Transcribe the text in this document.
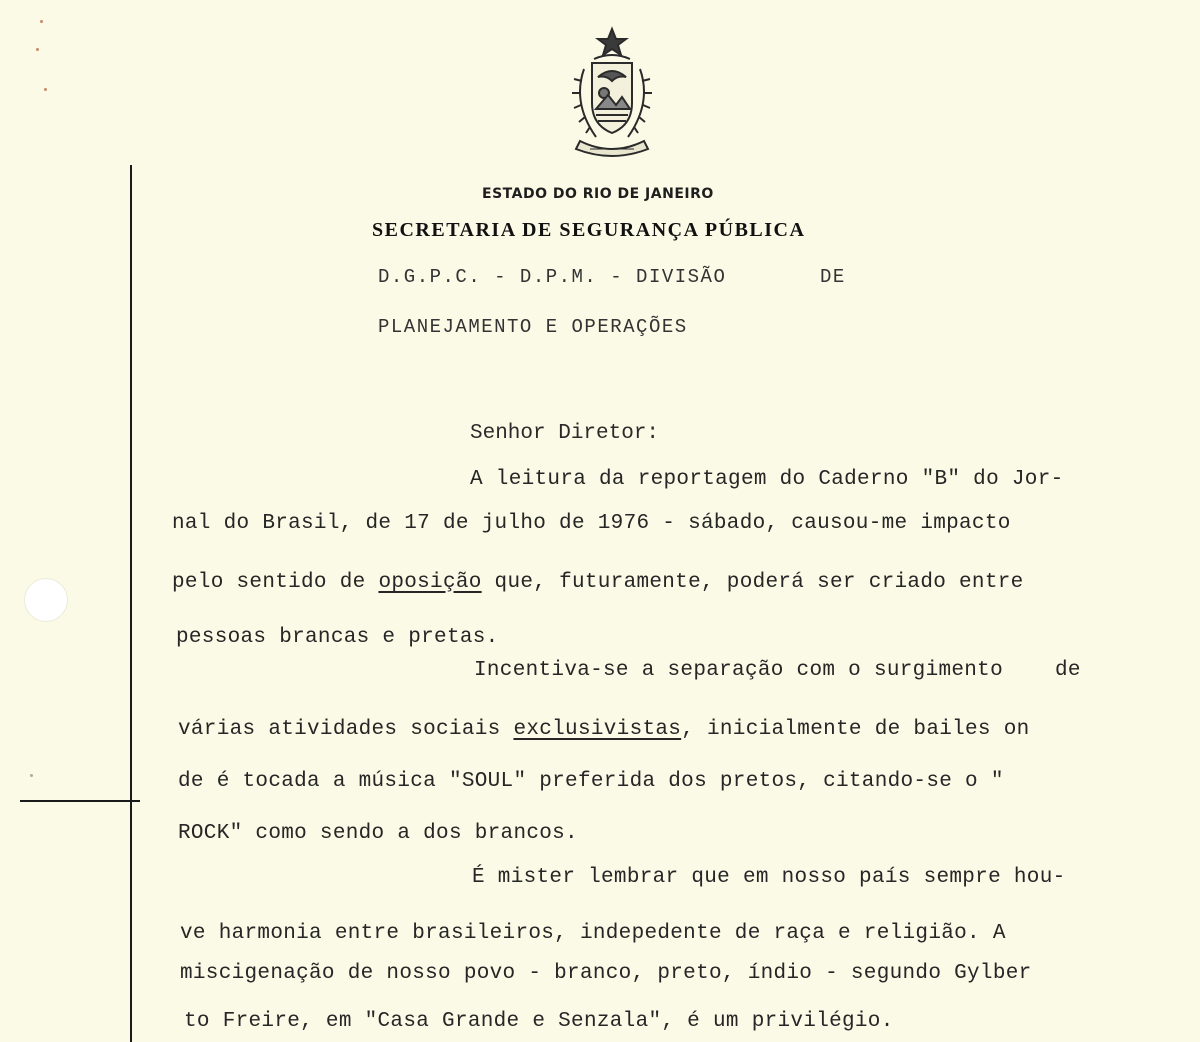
ESTADO DO RIO DE JANEIRO
SECRETARIA DE SEGURANÇA PÚBLICA
D.G.P.C. - D.P.M. - DIVISÃO	DE
PLANEJAMENTO E OPERAÇÕES
Senhor Diretor:
A leitura da reportagem do Caderno "B" do Jor-
nal do Brasil, de 17 de julho de 1976 - sábado, causou-me impacto
pelo sentido de oposição que, futuramente, poderá ser criado entre
pessoas brancas e pretas.
Incentiva-se a separação com o surgimento de
várias atividades sociais exclusivistas, inicialmente de bailes on
de é tocada a música "SOUL" preferida dos pretos, citando-se o "
ROCK" como sendo a dos brancos.
É mister lembrar que em nosso país sempre hou-
ve harmonia entre brasileiros, indepedente de raça e religião. A
miscigenação de nosso povo - branco, preto, índio - segundo Gylber
to Freire, em "Casa Grande e Senzala", é um privilégio.
